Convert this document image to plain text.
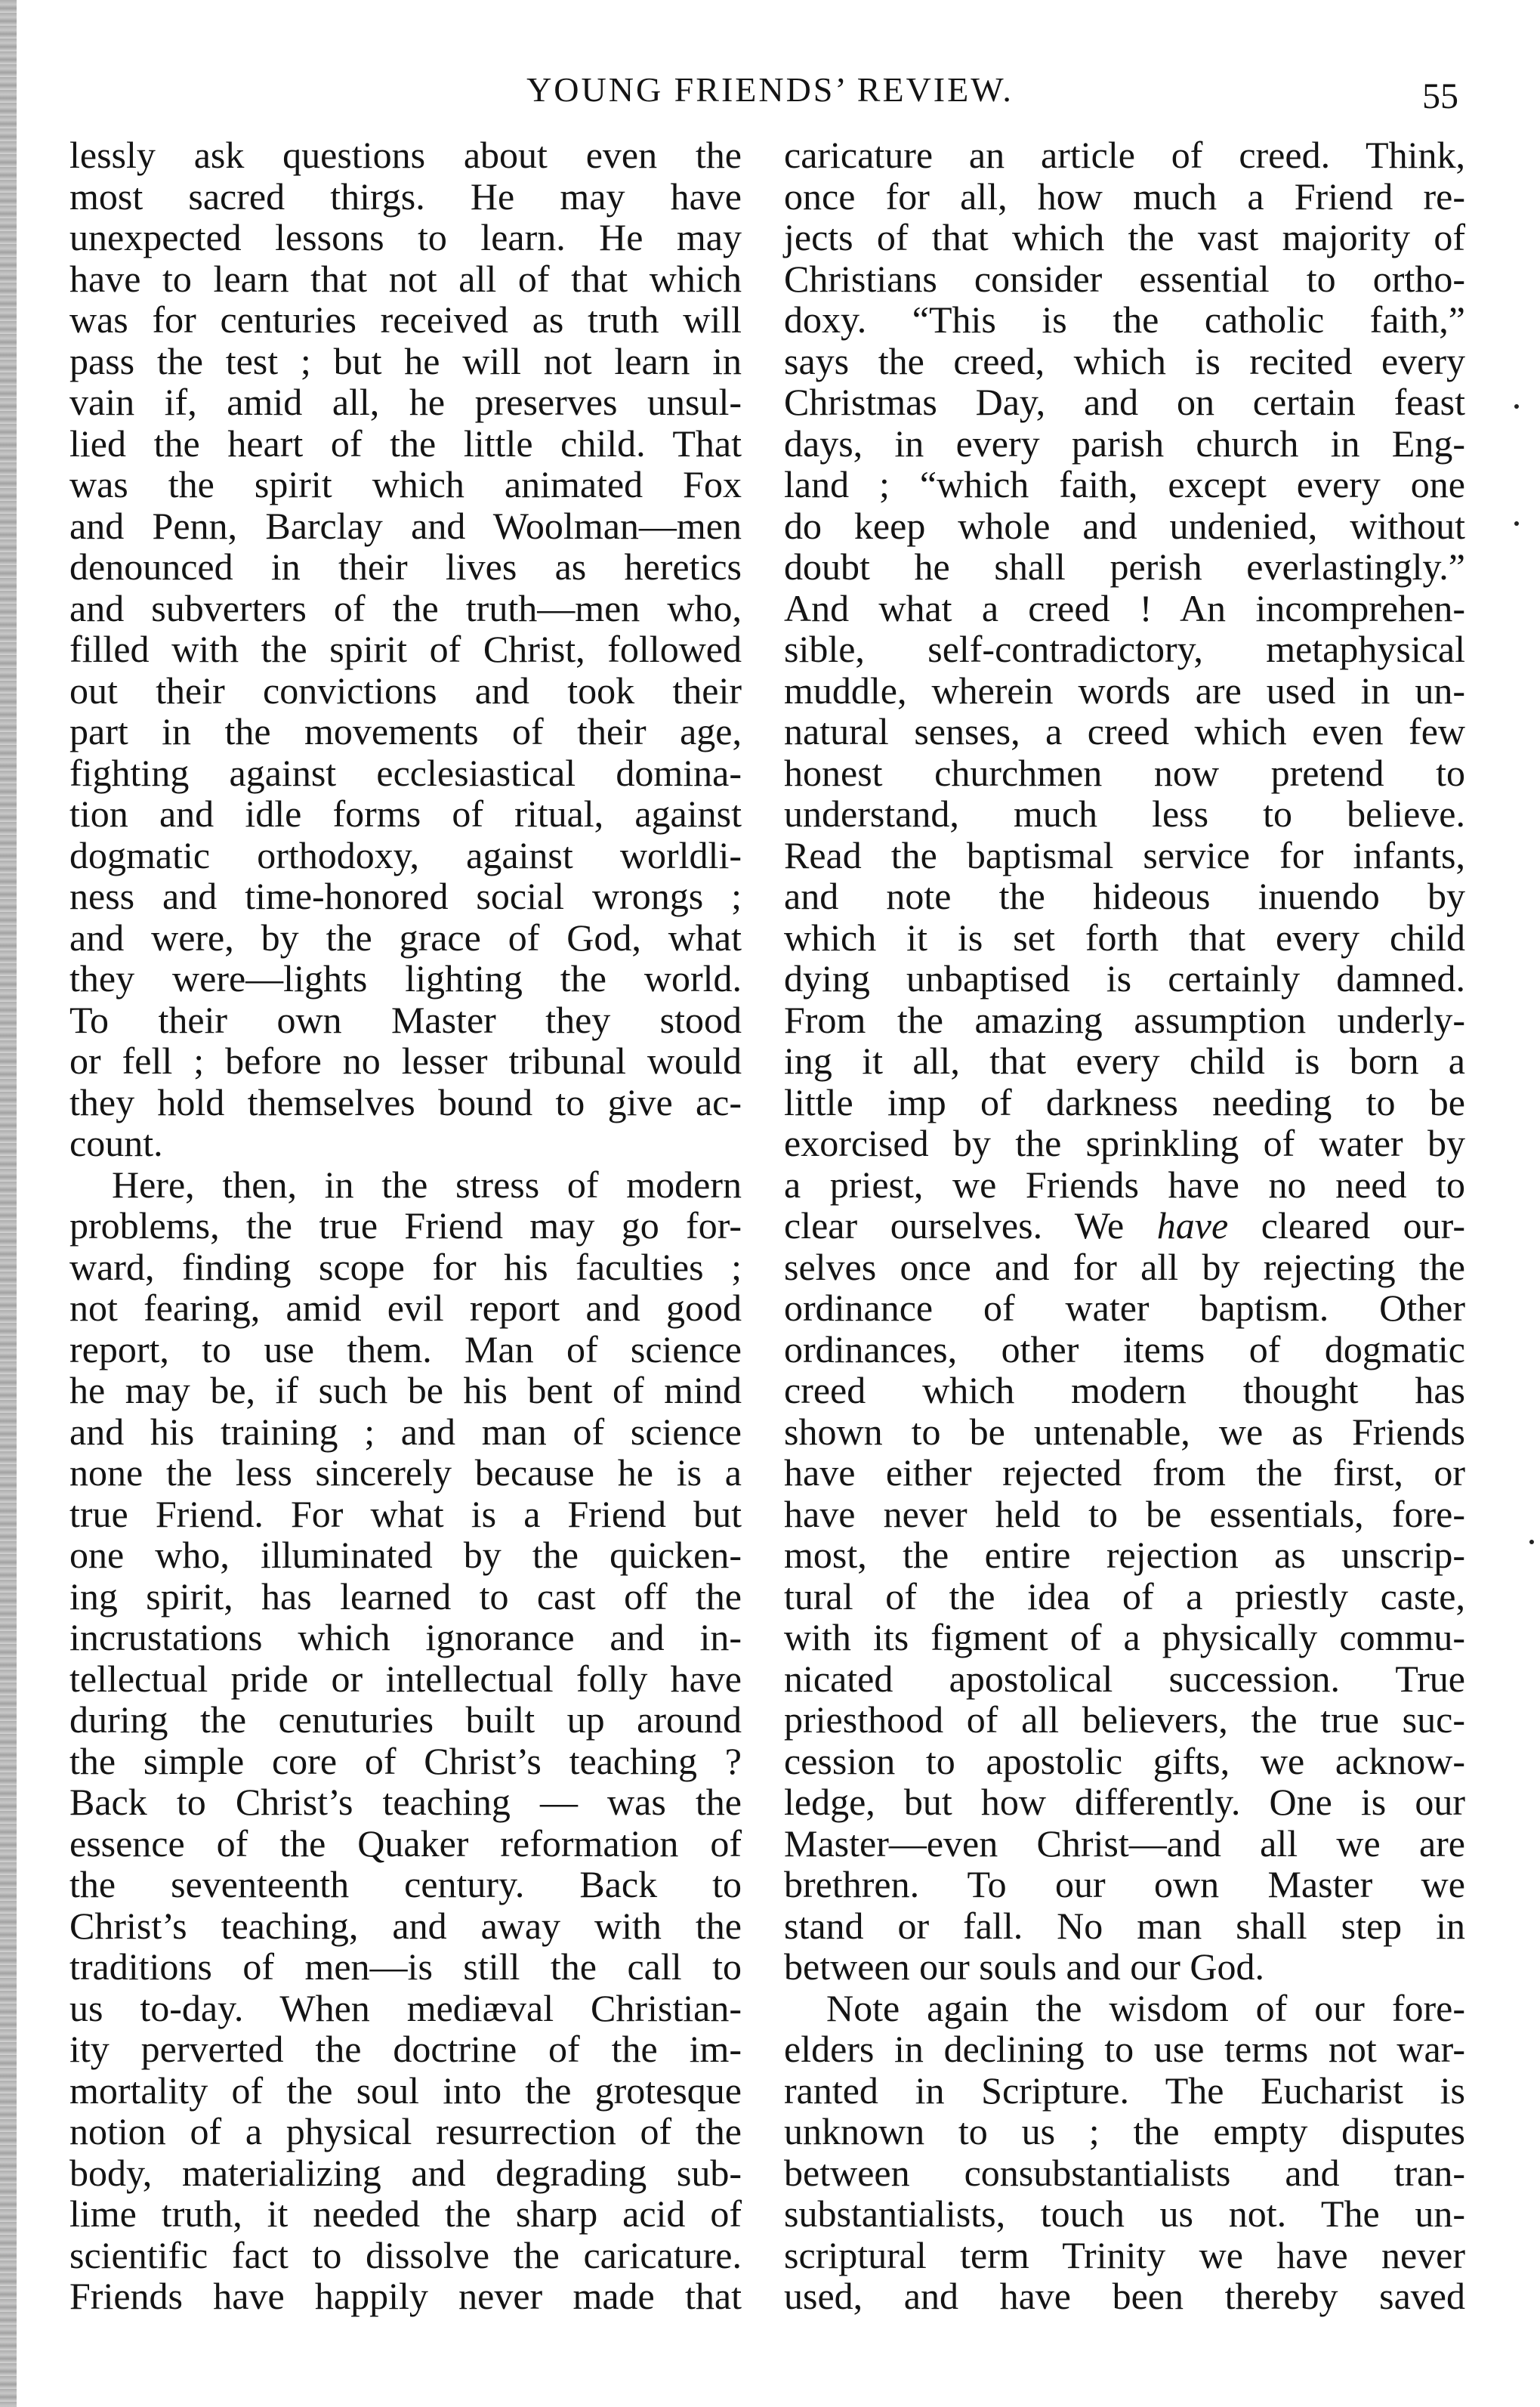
YOUNG FRIENDS’ REVIEW.	55
lessly ask questions about even the
most sacred thirgs. He may have
unexpected lessons to learn. He may
have to learn that not all of that which
was for centuries received as truth will
pass the test ; but he will not learn in
vain if, amid all, he preserves unsul-
lied the heart of the little child. That
was the spirit which animated Fox
and Penn, Barclay and Woolman—men
denounced in their lives as heretics
and subverters of the truth—men who,
filled with the spirit of Christ, followed
out their convictions and took their
part in the movements of their age,
fighting against ecclesiastical domina-
tion and idle forms of ritual, against
dogmatic orthodoxy, against worldli-
ness and time-honored social wrongs ;
and were, by the grace of God, what
they were—lights lighting the world.
To their own Master they stood
or fell ; before no lesser tribunal would
they hold themselves bound to give ac-
count.
Here, then, in the stress of modern
problems, the true Friend may go for-
ward, finding scope for his faculties ;
not fearing, amid evil report and good
report, to use them. Man of science
he may be, if such be his bent of mind
and his training ; and man of science
none the less sincerely because he is a
true Friend. For what is a Friend but
one who, illuminated by the quicken-
ing spirit, has learned to cast off the
incrustations which ignorance and in-
tellectual pride or intellectual folly have
during the cenuturies built up around
the simple core of Christ’s teaching ?
Back to Christ’s teaching — was the
essence of the Quaker reformation of
the seventeenth century. Back to
Christ’s teaching, and away with the
traditions of men—is still the call to
us to-day. When mediæval Christian-
ity perverted the doctrine of the im-
mortality of the soul into the grotesque
notion of a physical resurrection of the
body, materializing and degrading sub-
lime truth, it needed the sharp acid of
scientific fact to dissolve the caricature.
Friends have happily never made that
caricature an article of creed. Think,
once for all, how much a Friend re-
jects of that which the vast majority of
Christians consider essential to ortho-
doxy. “This is the catholic faith,”
says the creed, which is recited every
Christmas Day, and on certain feast
days, in every parish church in Eng-
land ; “which faith, except every one
do keep whole and undenied, without
doubt he shall perish everlastingly.”
And what a creed ! An incomprehen-
sible, self-contradictory, metaphysical
muddle, wherein words are used in un-
natural senses, a creed which even few
honest churchmen now pretend to
understand, much less to believe.
Read the baptismal service for infants,
and note the hideous inuendo by
which it is set forth that every child
dying unbaptised is certainly damned.
From the amazing assumption underly-
ing it all, that every child is born a
little imp of darkness needing to be
exorcised by the sprinkling of water by
a priest, we Friends have no need to
clear ourselves. We have cleared our-
selves once and for all by rejecting the
ordinance of water baptism. Other
ordinances, other items of dogmatic
creed which modern thought has
shown to be untenable, we as Friends
have either rejected from the first, or
have never held to be essentials, fore-
most, the entire rejection as unscrip-
tural of the idea of a priestly caste,
with its figment of a physically commu-
nicated apostolical succession. True
priesthood of all believers, the true suc-
cession to apostolic gifts, we acknow-
ledge, but how differently. One is our
Master—even Christ—and all we are
brethren. To our own Master we
stand or fall. No man shall step in
between our souls and our God.
Note again the wisdom of our fore-
elders in declining to use terms not war-
ranted in Scripture. The Eucharist is
unknown to us ; the empty disputes
between consubstantialists and tran-
substantialists, touch us not. The un-
scriptural term Trinity we have never
used, and have been thereby saved
